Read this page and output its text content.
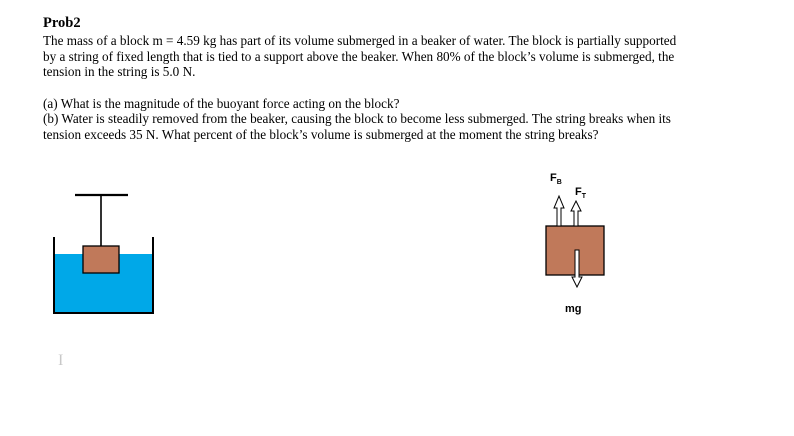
Prob2

The mass of a block m = 4.59 kg has part of its volume submerged in a beaker of water. The block is partially supported
by a string of fixed length that is tied to a support above the beaker. When 80% of the block’s volume is submerged, the
tension in the string is 5.0 N.

(a) What is the magnitude of the buoyant force acting on the block?
(b) Water is steadily removed from the beaker, causing the block to become less submerged. The string breaks when its
tension exceeds 35 N. What percent of the block’s volume is submerged at the moment the string breaks?

$F_B$
$F_T$
mg
I
